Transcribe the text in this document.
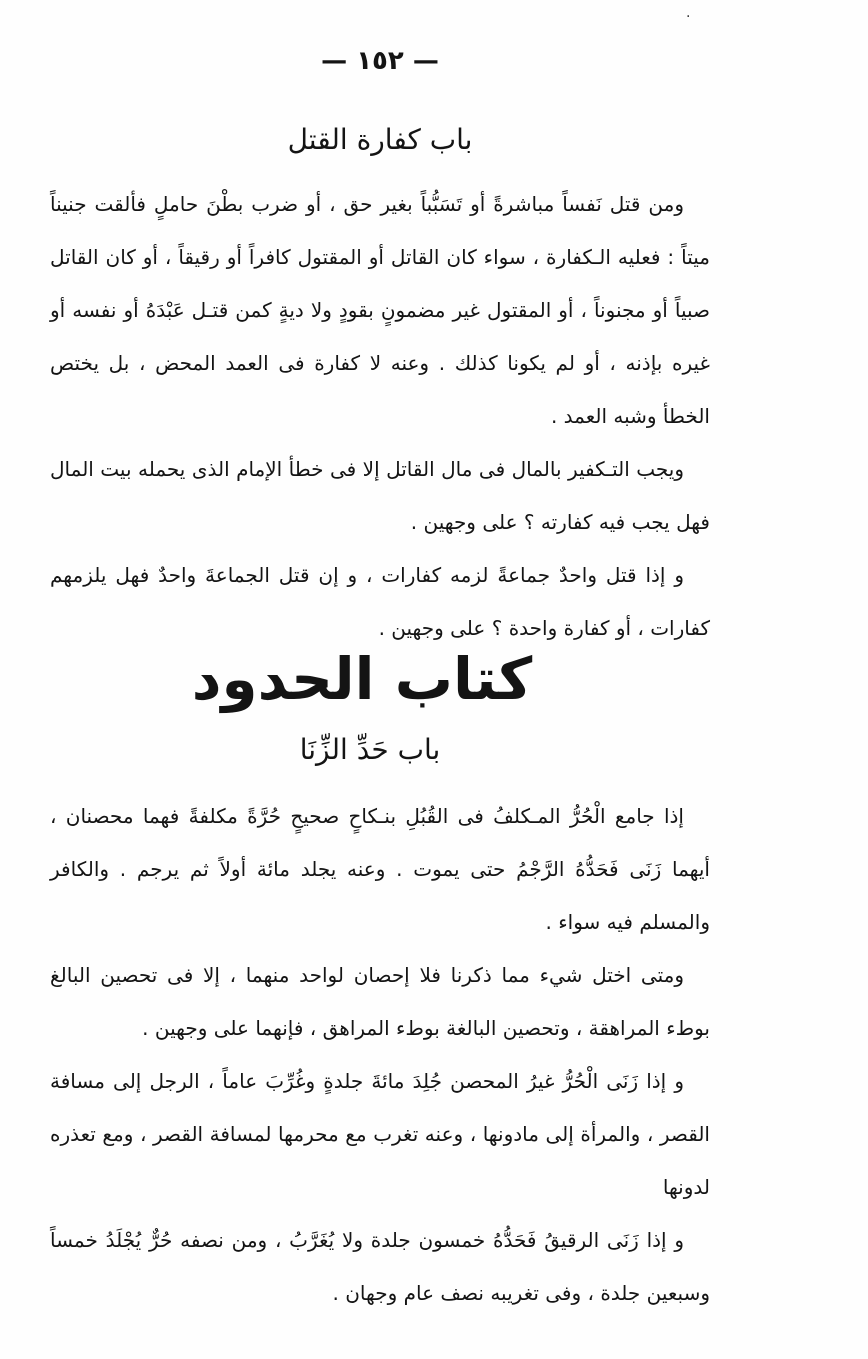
·
— ١٥٢ —
باب كفارة القتل

ومن قتل نَفساً مباشرةً أو تَسَبُّباً بغير حق ، أو ضرب بطْنَ حاملٍ فألقت جنيناً ميتاً : فعليه الـكفارة ، سواء كان القاتل أو المقتول كافراً أو رقيقاً ، أو كان القاتل صبياً أو مجنوناً ، أو المقتول غير مضمونٍ بقودٍ ولا ديةٍ كمن قتـل عَبْدَهُ أو نفسه أو غيره بإذنه ، أو لم يكونا كذلك . وعنه لا كفارة فى العمد المحض ، بل يختص الخطأ وشبه العمد .

ويجب التـكفير بالمال فى مال القاتل إلا فى خطأ الإمام الذى يحمله بيت المال فهل يجب فيه كفارته ؟ على وجهين .

و إذا قتل واحدٌ جماعةً لزمه كفارات ، و إن قتل الجماعةَ واحدٌ فهل يلزمهم كفارات ، أو كفارة واحدة ؟ على وجهين .

كتاب الحدود
باب حَدِّ الزِّنَا

إذا جامع الْحُرُّ المـكلفُ فى القُبُلِ بنـكاحٍ صحيحٍ حُرَّةً مكلفةً فهما محصنان ، أيهما زَنَى فَحَدُّهُ الرَّجْمُ حتى يموت . وعنه يجلد مائة أولاً ثم يرجم . والكافر والمسلم فيه سواء .

ومتى اختل شيء مما ذكرنا فلا إحصان لواحد منهما ، إلا فى تحصين البالغ بوطء المراهقة ، وتحصين البالغة بوطء المراهق ، فإنهما على وجهين .

و إذا زَنَى الْحُرُّ غيرُ المحصن جُلِدَ مائةَ جلدةٍ وغُرِّبَ عاماً ، الرجل إلى مسافة القصر ، والمرأة إلى مادونها ، وعنه تغرب مع محرمها لمسافة القصر ، ومع تعذره لدونها

و إذا زَنَى الرقيقُ فَحَدُّهُ خمسون جلدة ولا يُغَرَّبُ ، ومن نصفه حُرٌّ يُجْلَدُ خمساً وسبعين جلدة ، وفى تغريبه نصف عام وجهان .
